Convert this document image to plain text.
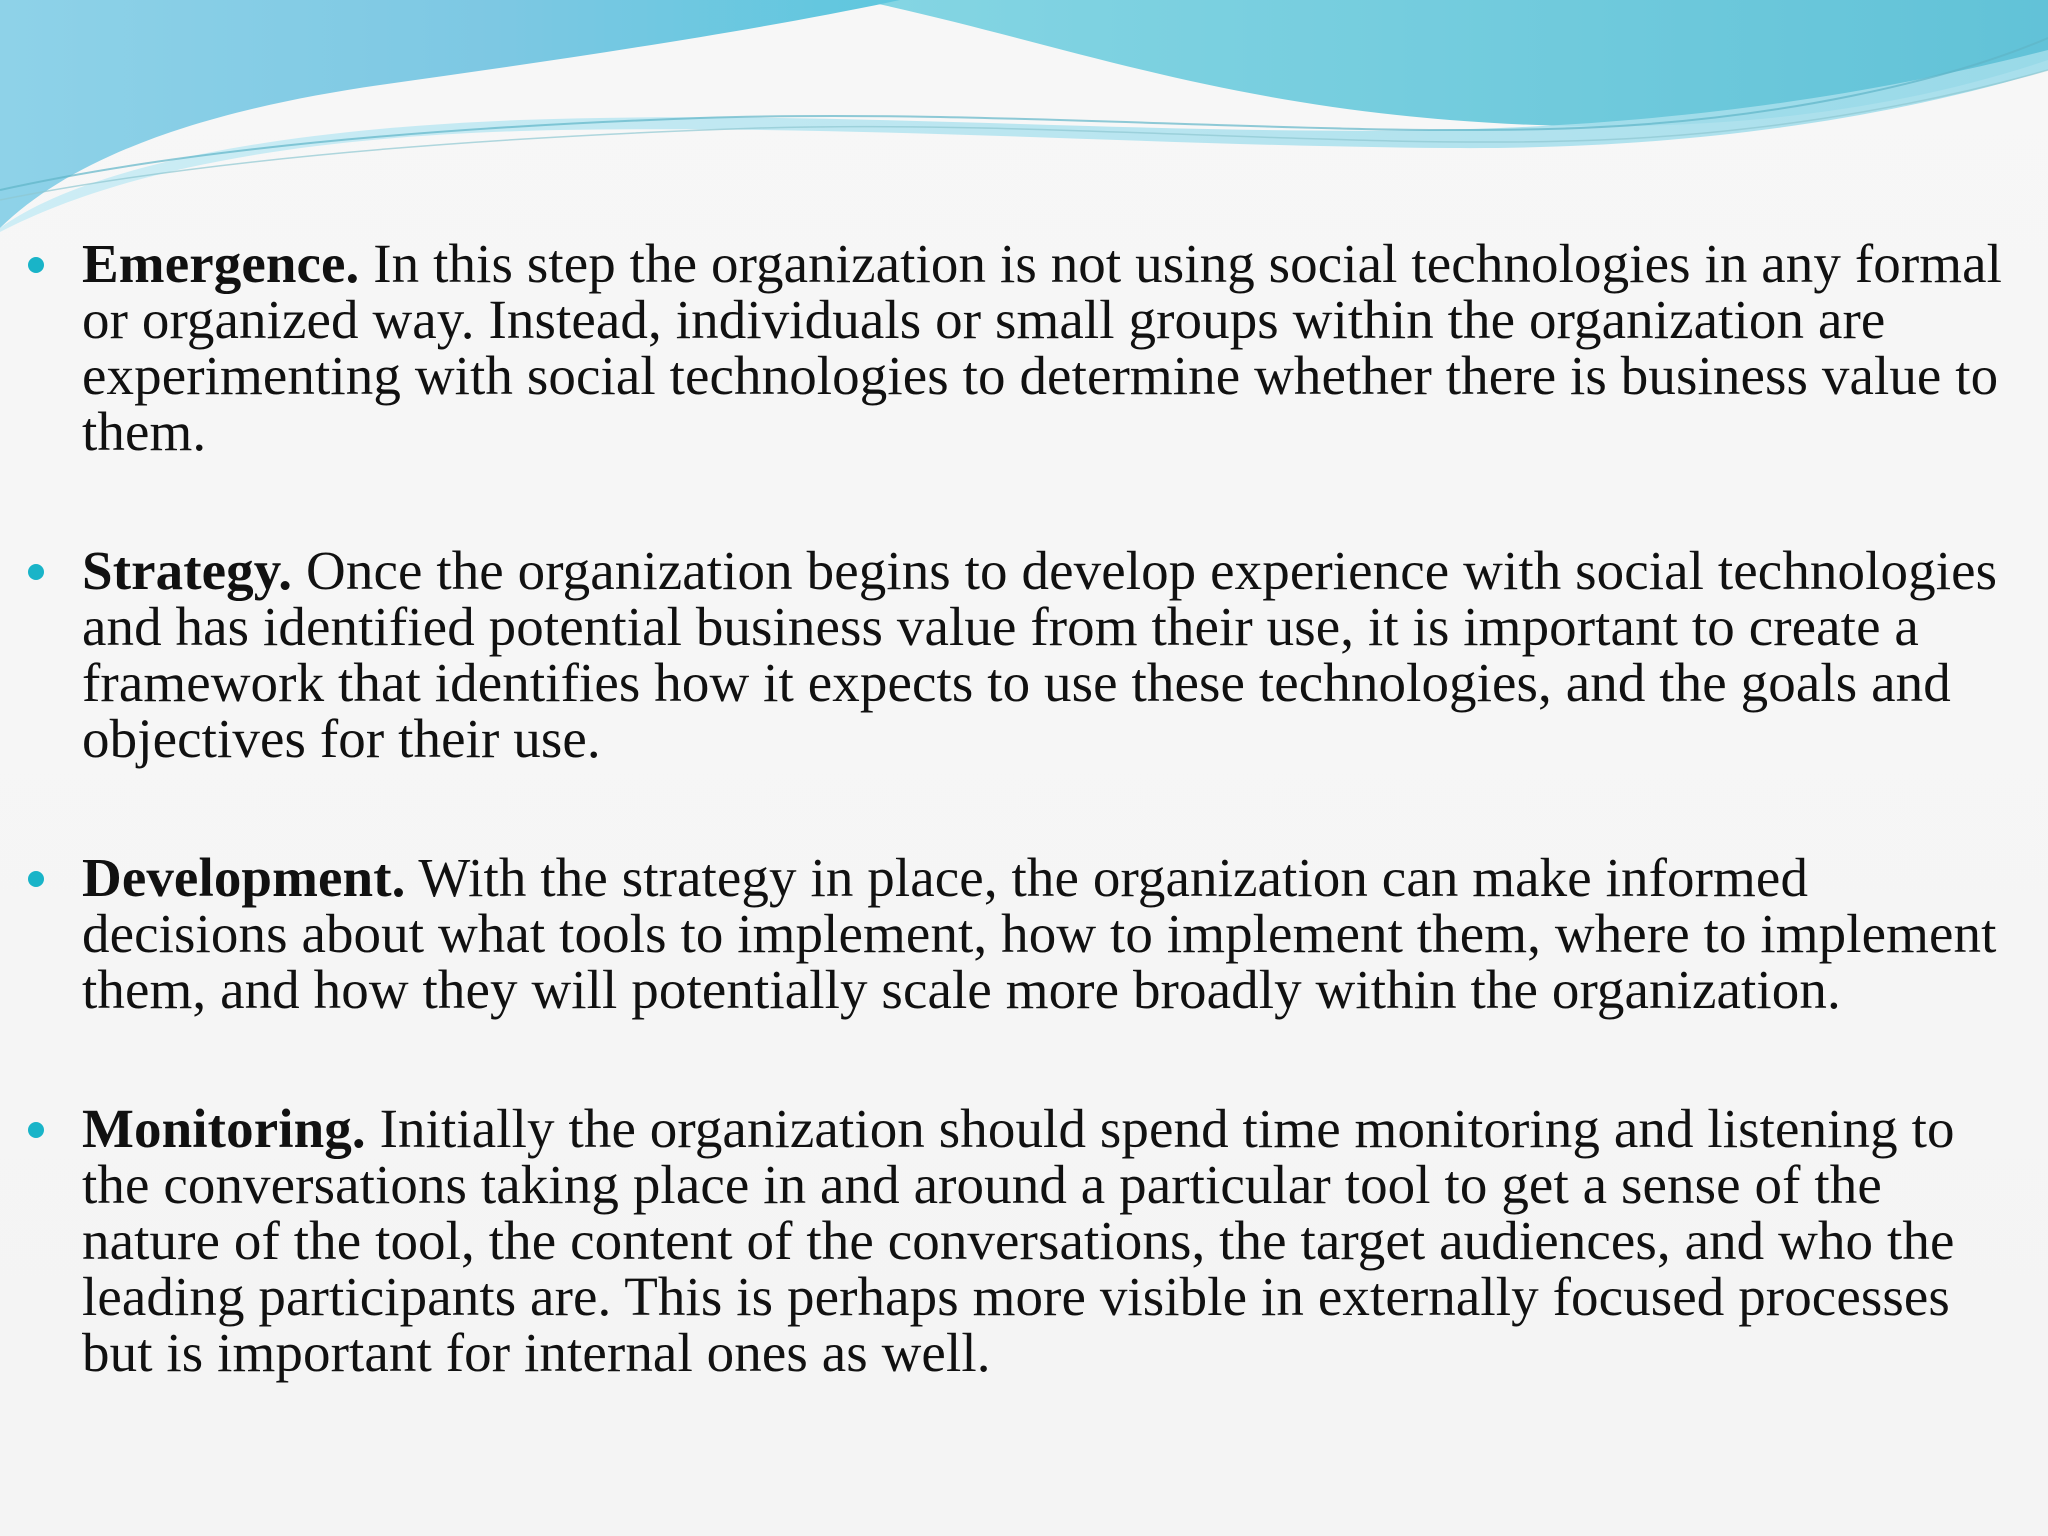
Emergence. In this step the organization is not using social technologies in any formal or organized way. Instead, individuals or small groups within the organization are experimenting with social technologies to determine whether there is business value to them.

Strategy. Once the organization begins to develop experience with social technologies and has identified potential business value from their use, it is important to create a framework that identifies how it expects to use these technologies, and the goals and objectives for their use.

Development. With the strategy in place, the organization can make informed decisions about what tools to implement, how to implement them, where to implement them, and how they will potentially scale more broadly within the organization.

Monitoring. Initially the organization should spend time monitoring and listening to the conversations taking place in and around a particular tool to get a sense of the nature of the tool, the content of the conversations, the target audiences, and who the leading participants are. This is perhaps more visible in externally focused processes but is important for internal ones as well.
